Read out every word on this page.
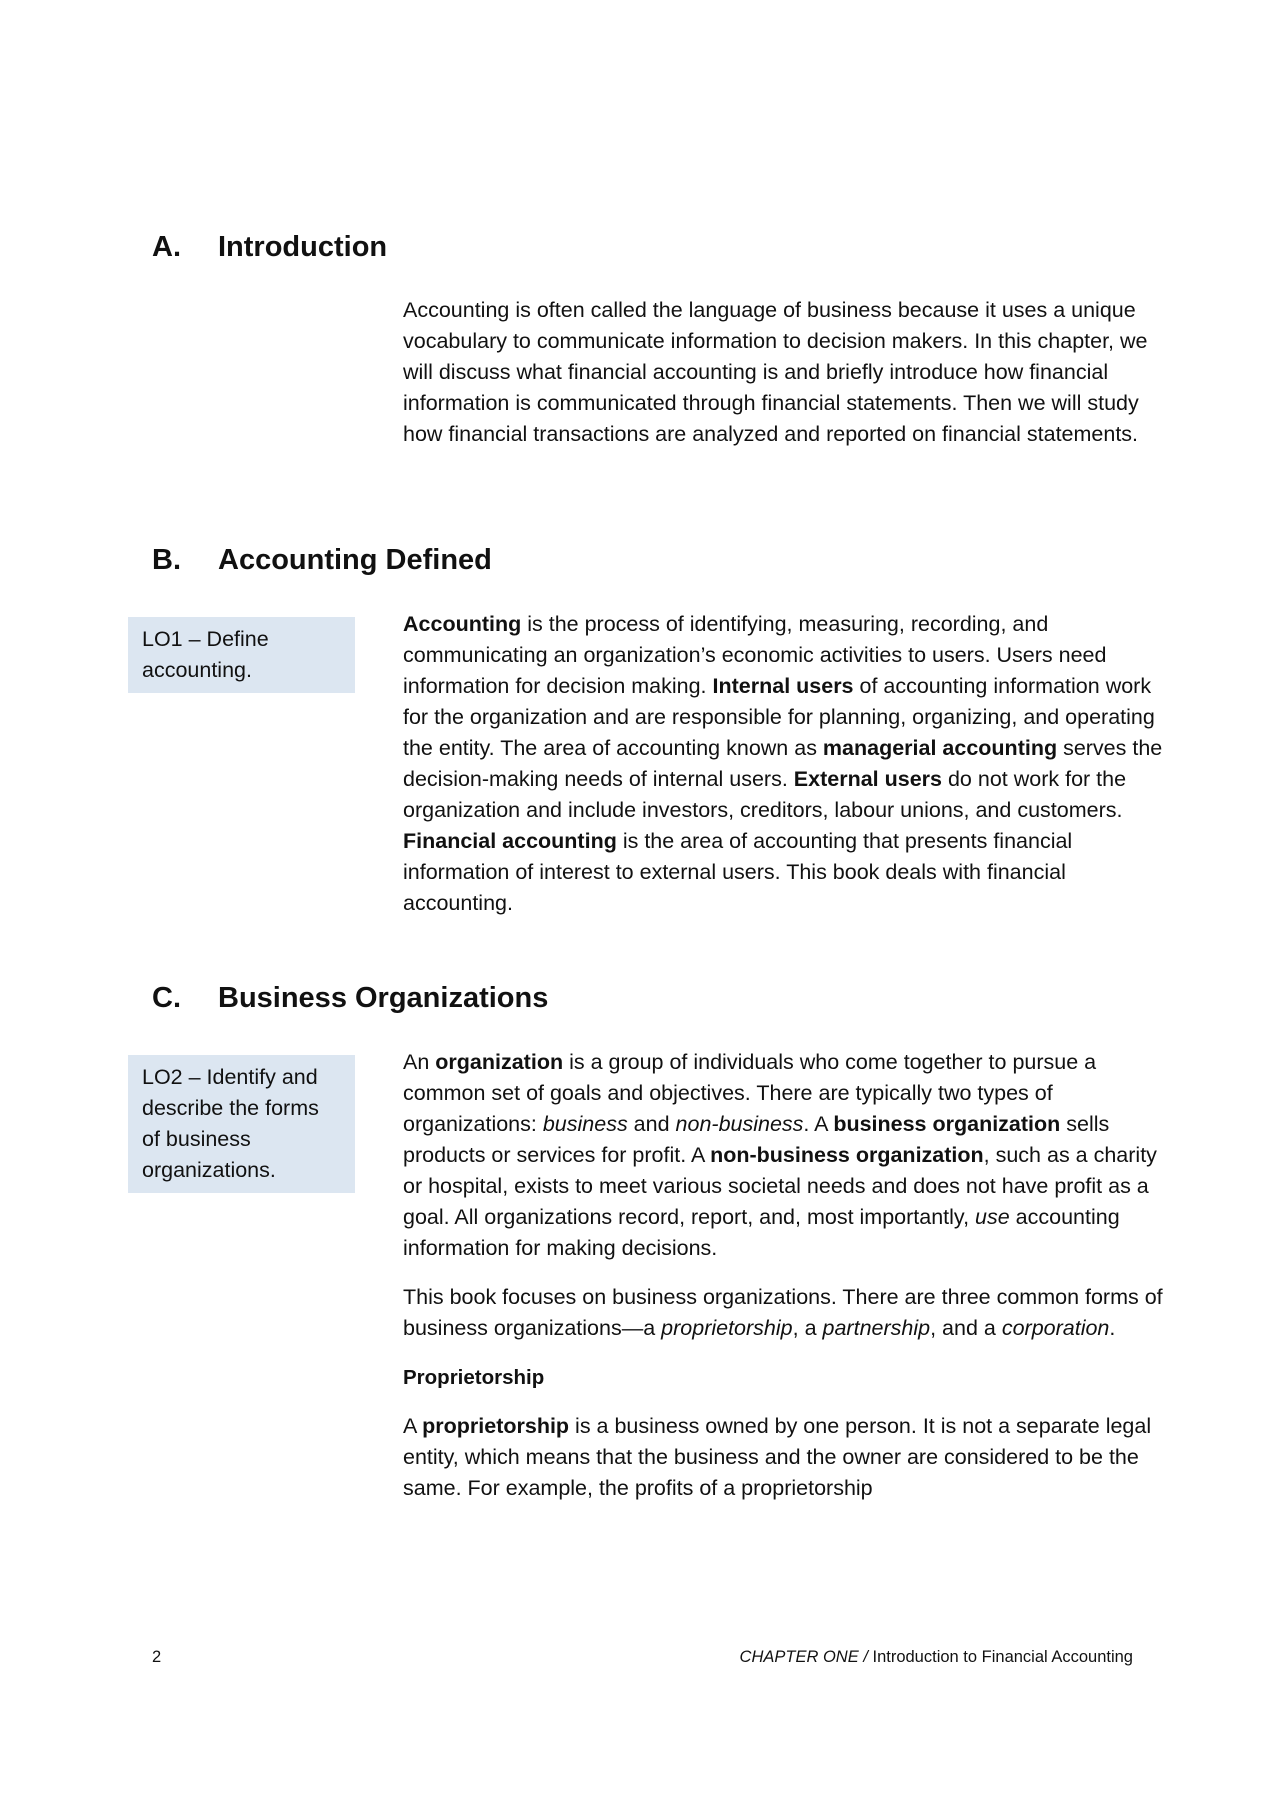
A.	Introduction

Accounting is often called the language of business because it uses a unique vocabulary to communicate information to decision makers. In this chapter, we will discuss what financial accounting is and briefly introduce how financial information is communicated through financial statements. Then we will study how financial transactions are analyzed and reported on financial statements.

B.	Accounting Defined
LO1 – Define accounting.

Accounting is the process of identifying, measuring, recording, and communicating an organization’s economic activities to users. Users need information for decision making. Internal users of accounting information work for the organization and are responsible for planning, organizing, and operating the entity. The area of accounting known as managerial accounting serves the decision-making needs of internal users. External users do not work for the organization and include investors, creditors, labour unions, and customers. Financial accounting is the area of accounting that presents financial information of interest to external users. This book deals with financial accounting.

C.	Business Organizations
LO2 – Identify and describe the forms of business organizations.

An organization is a group of individuals who come together to pursue a common set of goals and objectives. There are typically two types of organizations: business and non-business. A business organization sells products or services for profit. A non-business organization, such as a charity or hospital, exists to meet various societal needs and does not have profit as a goal. All organizations record, report, and, most importantly, use accounting information for making decisions.

This book focuses on business organizations. There are three common forms of business organizations—a proprietorship, a partnership, and a corporation.

Proprietorship

A proprietorship is a business owned by one person. It is not a separate legal entity, which means that the business and the owner are considered to be the same. For example, the profits of a proprietorship

2	CHAPTER ONE / Introduction to Financial Accounting
